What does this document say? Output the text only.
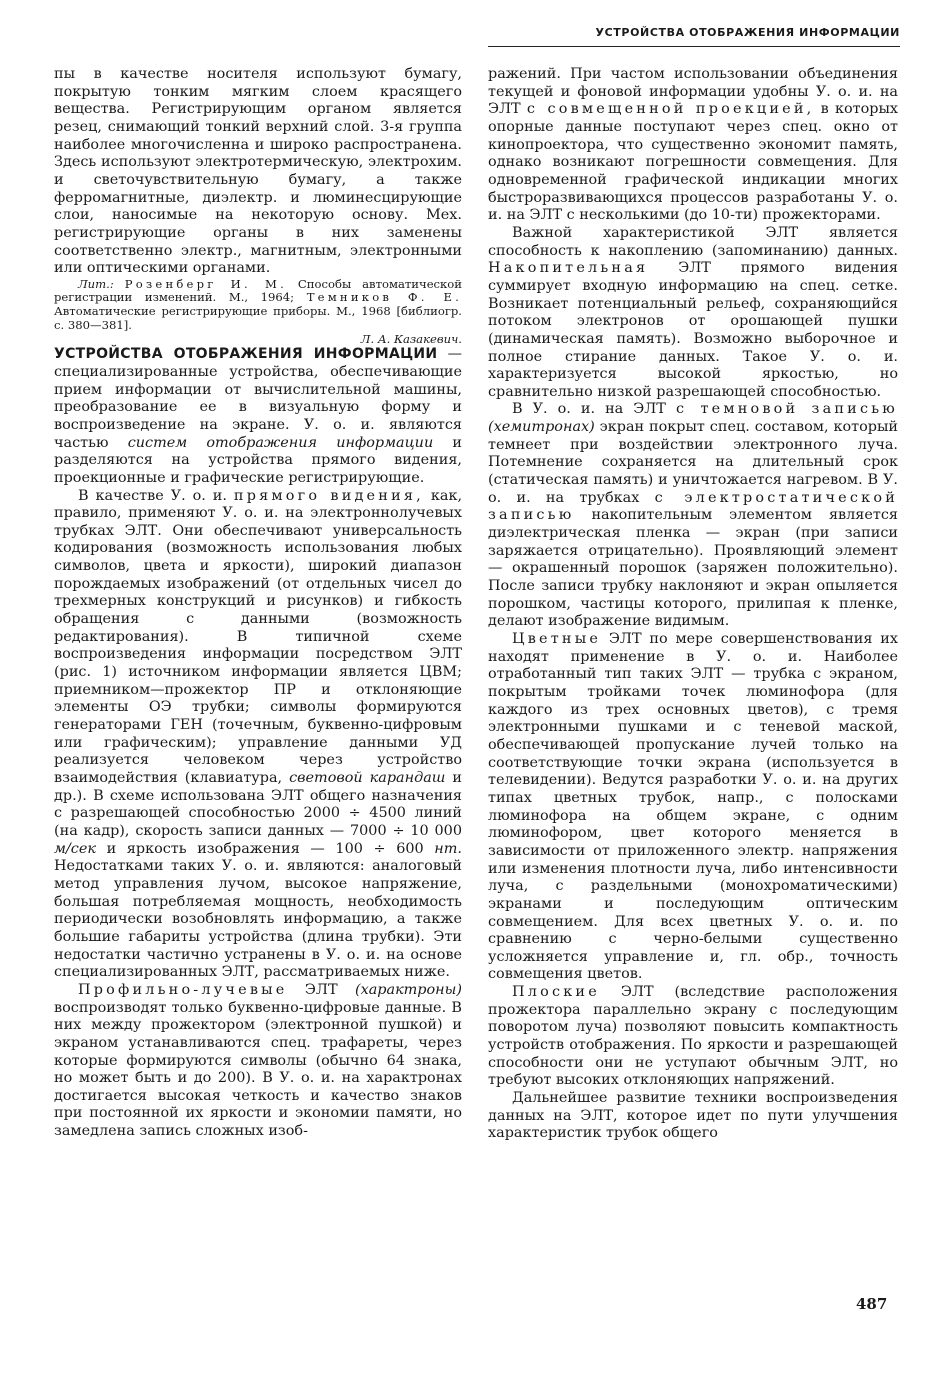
УСТРОЙСТВА ОТОБРАЖЕНИЯ ИНФОРМАЦИИ

пы в качестве носителя используют бумагу, покрытую тонким мягким слоем красящего вещества. Регистрирующим органом является резец, снимающий тонкий верхний слой. 3-я группа наиболее многочисленна и широко распространена. Здесь используют электротермическую, электрохим. и светочувствительную бумагу, а также ферромагнитные, диэлектр. и люминесцирующие слои, наносимые на некоторую основу. Мех. регистрирующие органы в них заменены соответственно электр., магнитным, электронными или оптическими органами.

Лит.: Розенберг И. М. Способы автоматической регистрации изменений. М., 1964; Темников Ф. Е. Автоматические регистрирующие приборы. М., 1968 [библиогр. с. 380—381].

Л. А. Казакевич.

УСТРОЙСТВА ОТОБРАЖЕНИЯ ИНФОРМАЦИИ — специализированные устройства, обеспечивающие прием информации от вычислительной машины, преобразование ее в визуальную форму и воспроизведение на экране. У. о. и. являются частью систем отображения информации и разделяются на устройства прямого видения, проекционные и графические регистрирующие.

В качестве У. о. и. прямого видения, как, правило, применяют У. о. и. на электроннолучевых трубках ЭЛТ. Они обеспечивают универсальность кодирования (возможность использования любых символов, цвета и яркости), широкий диапазон порождаемых изображений (от отдельных чисел до трехмерных конструкций и рисунков) и гибкость обращения с данными (возможность редактирования). В типичной схеме воспроизведения информации посредством ЭЛТ (рис. 1) источником информации является ЦВМ; приемником—прожектор ПР и отклоняющие элементы ОЭ трубки; символы формируются генераторами ГЕН (точечным, буквенно-цифровым или графическим); управление данными УД реализуется человеком через устройство взаимодействия (клавиатура, световой карандаш и др.). В схеме использована ЭЛТ общего назначения с разрешающей способностью 2000 ÷ 4500 линий (на кадр), скорость записи данных — 7000 ÷ 10 000 м/сек и яркость изображения — 100 ÷ 600 нт. Недостатками таких У. о. и. являются: аналоговый метод управления лучом, высокое напряжение, большая потребляемая мощность, необходимость периодически возобновлять информацию, а также большие габариты устройства (длина трубки). Эти недостатки частично устранены в У. о. и. на основе специализированных ЭЛТ, рассматриваемых ниже.

Профильно-лучевые ЭЛТ (характроны) воспроизводят только буквенно-цифровые данные. В них между прожектором (электронной пушкой) и экраном устанавливаются спец. трафареты, через которые формируются символы (обычно 64 знака, но может быть и до 200). В У. о. и. на характронах достигается высокая четкость и качество знаков при постоянной их яркости и экономии памяти, но замедлена запись сложных изоб-

ражений. При частом использовании объединения текущей и фоновой информации удобны У. о. и. на ЭЛТ с совмещенной проекцией, в которых опорные данные поступают через спец. окно от кинопроектора, что существенно экономит память, однако возникают погрешности совмещения. Для одновременной графической индикации многих быстроразвивающихся процессов разработаны У. о. и. на ЭЛТ с несколькими (до 10-ти) прожекторами.

Важной характеристикой ЭЛТ является способность к накоплению (запоминанию) данных. Накопительная ЭЛТ прямого видения суммирует входную информацию на спец. сетке. Возникает потенциальный рельеф, сохраняющийся потоком электронов от орошающей пушки (динамическая память). Возможно выборочное и полное стирание данных. Такое У. о. и. характеризуется высокой яркостью, но сравнительно низкой разрешающей способностью.

В У. о. и. на ЭЛТ с темновой записью (хемитронах) экран покрыт спец. составом, который темнеет при воздействии электронного луча. Потемнение сохраняется на длительный срок (статическая память) и уничтожается нагревом. В У. о. и. на трубках с электростатической записью накопительным элементом является диэлектрическая пленка — экран (при записи заряжается отрицательно). Проявляющий элемент — окрашенный порошок (заряжен положительно). После записи трубку наклоняют и экран опыляется порошком, частицы которого, прилипая к пленке, делают изображение видимым.

Цветные ЭЛТ по мере совершенствования их находят применение в У. о. и. Наиболее отработанный тип таких ЭЛТ — трубка с экраном, покрытым тройками точек люминофора (для каждого из трех основных цветов), с тремя электронными пушками и с теневой маской, обеспечивающей пропускание лучей только на соответствующие точки экрана (используется в телевидении). Ведутся разработки У. о. и. на других типах цветных трубок, напр., с полосками люминофора на общем экране, с одним люминофором, цвет которого меняется в зависимости от приложенного электр. напряжения или изменения плотности луча, либо интенсивности луча, с раздельными (монохроматическими) экранами и последующим оптическим совмещением. Для всех цветных У. о. и. по сравнению с черно-белыми существенно усложняется управление и, гл. обр., точность совмещения цветов.

Плоские ЭЛТ (вследствие расположения прожектора параллельно экрану с последующим поворотом луча) позволяют повысить компактность устройств отображения. По яркости и разрешающей способности они не уступают обычным ЭЛТ, но требуют высоких отклоняющих напряжений.

Дальнейшее развитие техники воспроизведения данных на ЭЛТ, которое идет по пути улучшения характеристик трубок общего

487
